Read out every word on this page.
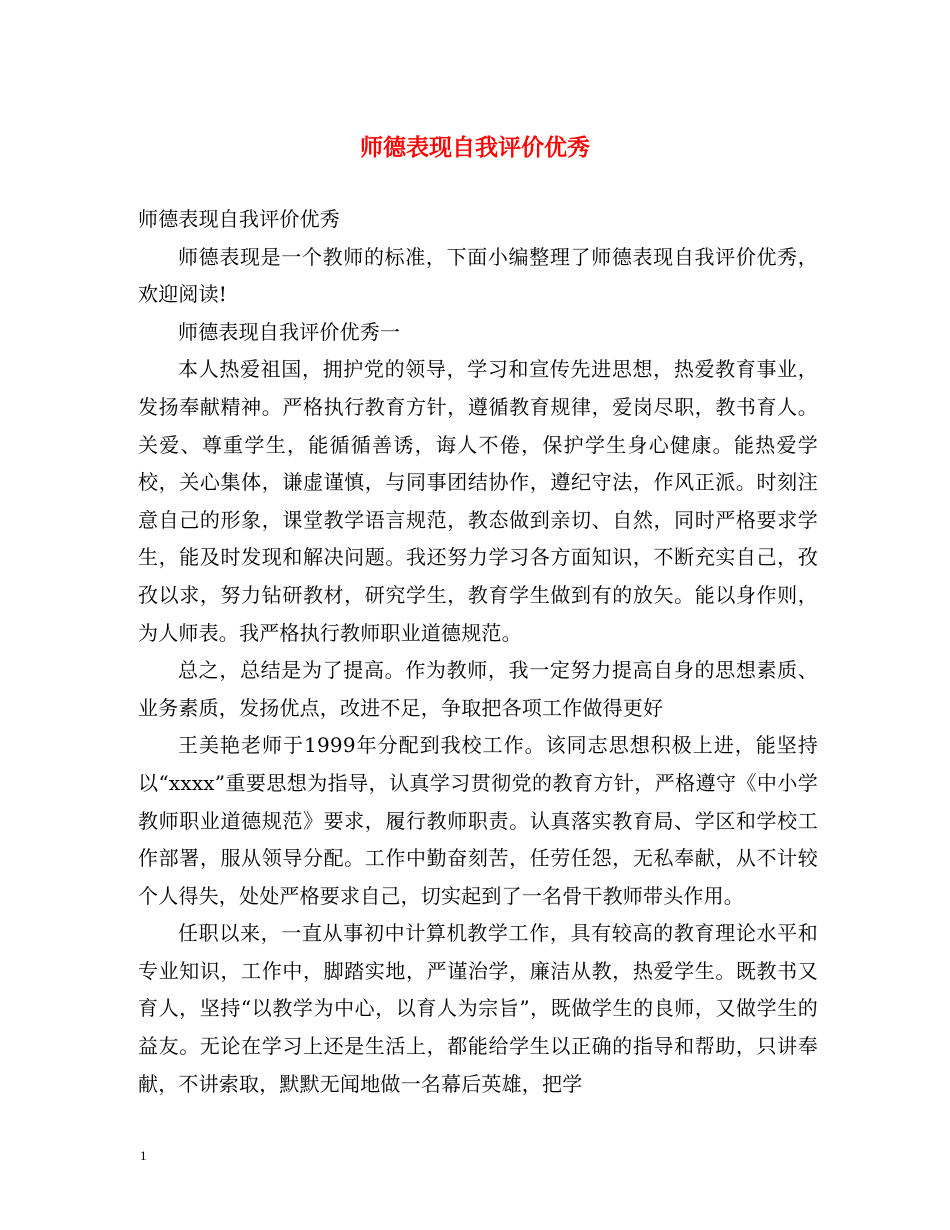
师德表现自我评价优秀

师德表现自我评价优秀

师德表现是一个教师的标准，下面小编整理了师德表现自我评价优秀，欢迎阅读!

师德表现自我评价优秀一

本人热爱祖国，拥护党的领导，学习和宣传先进思想，热爱教育事业，发扬奉献精神。严格执行教育方针，遵循教育规律，爱岗尽职，教书育人。关爱、尊重学生，能循循善诱，诲人不倦，保护学生身心健康。能热爱学校，关心集体，谦虚谨慎，与同事团结协作，遵纪守法，作风正派。时刻注意自己的形象，课堂教学语言规范，教态做到亲切、自然，同时严格要求学生，能及时发现和解决问题。我还努力学习各方面知识，不断充实自己，孜孜以求，努力钻研教材，研究学生，教育学生做到有的放矢。能以身作则，为人师表。我严格执行教师职业道德规范。

总之，总结是为了提高。作为教师，我一定努力提高自身的思想素质、业务素质，发扬优点，改进不足，争取把各项工作做得更好

王美艳老师于1999年分配到我校工作。该同志思想积极上进，能坚持以“xxxx”重要思想为指导，认真学习贯彻党的教育方针，严格遵守《中小学教师职业道德规范》要求，履行教师职责。认真落实教育局、学区和学校工作部署，服从领导分配。工作中勤奋刻苦，任劳任怨，无私奉献，从不计较个人得失，处处严格要求自己，切实起到了一名骨干教师带头作用。

任职以来，一直从事初中计算机教学工作，具有较高的教育理论水平和专业知识，工作中，脚踏实地，严谨治学，廉洁从教，热爱学生。既教书又育人，坚持“以教学为中心，以育人为宗旨”，既做学生的良师，又做学生的益友。无论在学习上还是生活上，都能给学生以正确的指导和帮助，只讲奉献，不讲索取，默默无闻地做一名幕后英雄，把学

1
